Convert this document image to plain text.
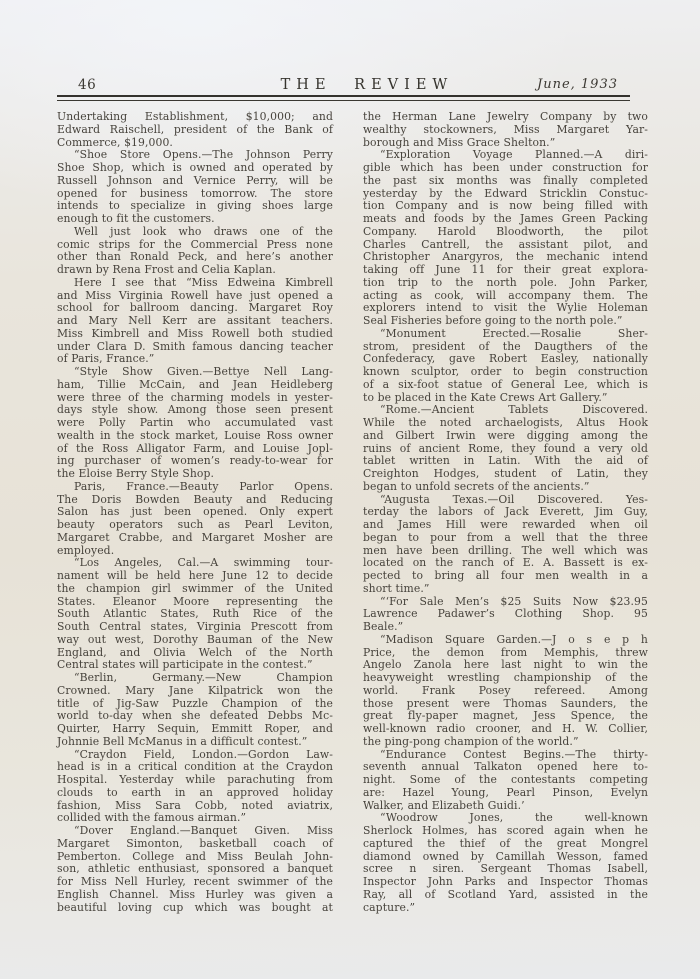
46	THE REVIEW	June, 1933
Undertaking Establishment, $10,000; and
Edward Raischell, president of the Bank of
Commerce, $19,000.
“Shoe Store Opens.—The Johnson Perry
Shoe Shop, which is owned and operated by
Russell Johnson and Vernice Perry, will be
opened for business tomorrow. The store
intends to specialize in giving shoes large
enough to fit the customers.
Well just look who draws one of the
comic strips for the Commercial Press none
other than Ronald Peck, and here’s another
drawn by Rena Frost and Celia Kaplan.
Here I see that “Miss Edweina Kimbrell
and Miss Virginia Rowell have just opened a
school for ballroom dancing. Margaret Roy
and Mary Nell Kerr are assitant teachers.
Miss Kimbrell and Miss Rowell both studied
under Clara D. Smith famous dancing teacher
of Paris, France.”
“Style Show Given.—Bettye Nell Lang-
ham, Tillie McCain, and Jean Heidleberg
were three of the charming models in yester-
days style show. Among those seen present
were Polly Partin who accumulated vast
wealth in the stock market, Louise Ross owner
of the Ross Alligator Farm, and Louise Jopl-
ing purchaser of women’s ready-to-wear for
the Eloise Berry Style Shop.
Paris, France.—Beauty Parlor Opens.
The Doris Bowden Beauty and Reducing
Salon has just been opened. Only expert
beauty operators such as Pearl Leviton,
Margaret Crabbe, and Margaret Mosher are
employed.
“Los Angeles, Cal.—A swimming tour-
nament will be held here June 12 to decide
the champion girl swimmer of the United
States. Eleanor Moore representing the
South Atlantic States, Ruth Rice of the
South Central states, Virginia Prescott from
way out west, Dorothy Bauman of the New
England, and Olivia Welch of the North
Central states will participate in the contest.”
“Berlin, Germany.—New Champion
Crowned. Mary Jane Kilpatrick won the
title of Jig-Saw Puzzle Champion of the
world to-day when she defeated Debbs Mc-
Quirter, Harry Sequin, Emmitt Roper, and
Johnnie Bell McManus in a difficult contest.”
“Craydon Field, London.—Gordon Law-
head is in a critical condition at the Craydon
Hospital. Yesterday while parachuting from
clouds to earth in an approved holiday
fashion, Miss Sara Cobb, noted aviatrix,
collided with the famous airman.”
“Dover England.—Banquet Given. Miss
Margaret Simonton, basketball coach of
Pemberton. College and Miss Beulah John-
son, athletic enthusiast, sponsored a banquet
for Miss Nell Hurley, recent swimmer of the
English Channel. Miss Hurley was given a
beautiful loving cup which was bought at
the Herman Lane Jewelry Company by two
wealthy stockowners, Miss Margaret Yar-
borough and Miss Grace Shelton.”
“Exploration Voyage Planned.—A diri-
gible which has been under construction for
the past six months was finally completed
yesterday by the Edward Stricklin Constuc-
tion Company and is now being filled with
meats and foods by the James Green Packing
Company. Harold Bloodworth, the pilot
Charles Cantrell, the assistant pilot, and
Christopher Anargyros, the mechanic intend
taking off June 11 for their great explora-
tion trip to the north pole. John Parker,
acting as cook, will accompany them. The
explorers intend to visit the Wylie Holeman
Seal Fisheries before going to the north pole.”
“Monument Erected.—Rosalie Sher-
strom, president of the Daugthers of the
Confederacy, gave Robert Easley, nationally
known sculptor, order to begin construction
of a six-foot statue of General Lee, which is
to be placed in the Kate Crews Art Gallery.”
“Rome.—Ancient Tablets Discovered.
While the noted archaelogists, Altus Hook
and Gilbert Irwin were digging among the
ruins of ancient Rome, they found a very old
tablet written in Latin. With the aid of
Creighton Hodges, student of Latin, they
began to unfold secrets of the ancients.”
“Augusta Texas.—Oil Discovered. Yes-
terday the labors of Jack Everett, Jim Guy,
and James Hill were rewarded when oil
began to pour from a well that the three
men have been drilling. The well which was
located on the ranch of E. A. Bassett is ex-
pected to bring all four men wealth in a
short time.”
“‘For Sale Men’s $25 Suits Now $23.95
Lawrence Padawer’s Clothing Shop. 95
Beale.”
“Madison Square Garden.—J o s e p h
Price, the demon from Memphis, threw
Angelo Zanola here last night to win the
heavyweight wrestling championship of the
world. Frank Posey refereed. Among
those present were Thomas Saunders, the
great fly-paper magnet, Jess Spence, the
well-known radio crooner, and H. W. Collier,
the ping-pong champion of the world.”
“Endurance Contest Begins.—The thirty-
seventh annual Talkaton opened here to-
night. Some of the contestants competing
are: Hazel Young, Pearl Pinson, Evelyn
Walker, and Elizabeth Guidi.’
“Woodrow Jones, the well-known
Sherlock Holmes, has scored again when he
captured the thief of the great Mongrel
diamond owned by Camillah Wesson, famed
scree n siren. Sergeant Thomas Isabell,
Inspector John Parks and Inspector Thomas
Ray, all of Scotland Yard, assisted in the
capture.”
